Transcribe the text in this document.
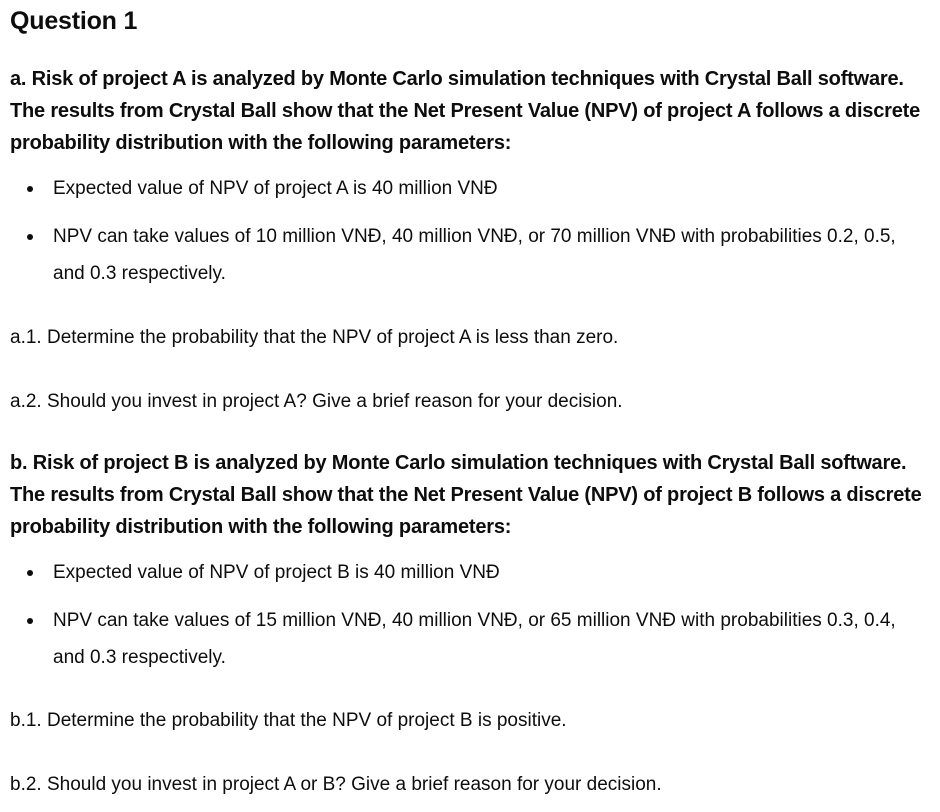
Question 1

a. Risk of project A is analyzed by Monte Carlo simulation techniques with Crystal Ball software. The results from Crystal Ball show that the Net Present Value (NPV) of project A follows a discrete probability distribution with the following parameters:

Expected value of NPV of project A is 40 million VNĐ
NPV can take values of 10 million VNĐ, 40 million VNĐ, or 70 million VNĐ with probabilities 0.2, 0.5, and 0.3 respectively.

a.1. Determine the probability that the NPV of project A is less than zero.

a.2. Should you invest in project A? Give a brief reason for your decision.

b. Risk of project B is analyzed by Monte Carlo simulation techniques with Crystal Ball software. The results from Crystal Ball show that the Net Present Value (NPV) of project B follows a discrete probability distribution with the following parameters:

Expected value of NPV of project B is 40 million VNĐ
NPV can take values of 15 million VNĐ, 40 million VNĐ, or 65 million VNĐ with probabilities 0.3, 0.4, and 0.3 respectively.

b.1. Determine the probability that the NPV of project B is positive.

b.2. Should you invest in project A or B? Give a brief reason for your decision.
